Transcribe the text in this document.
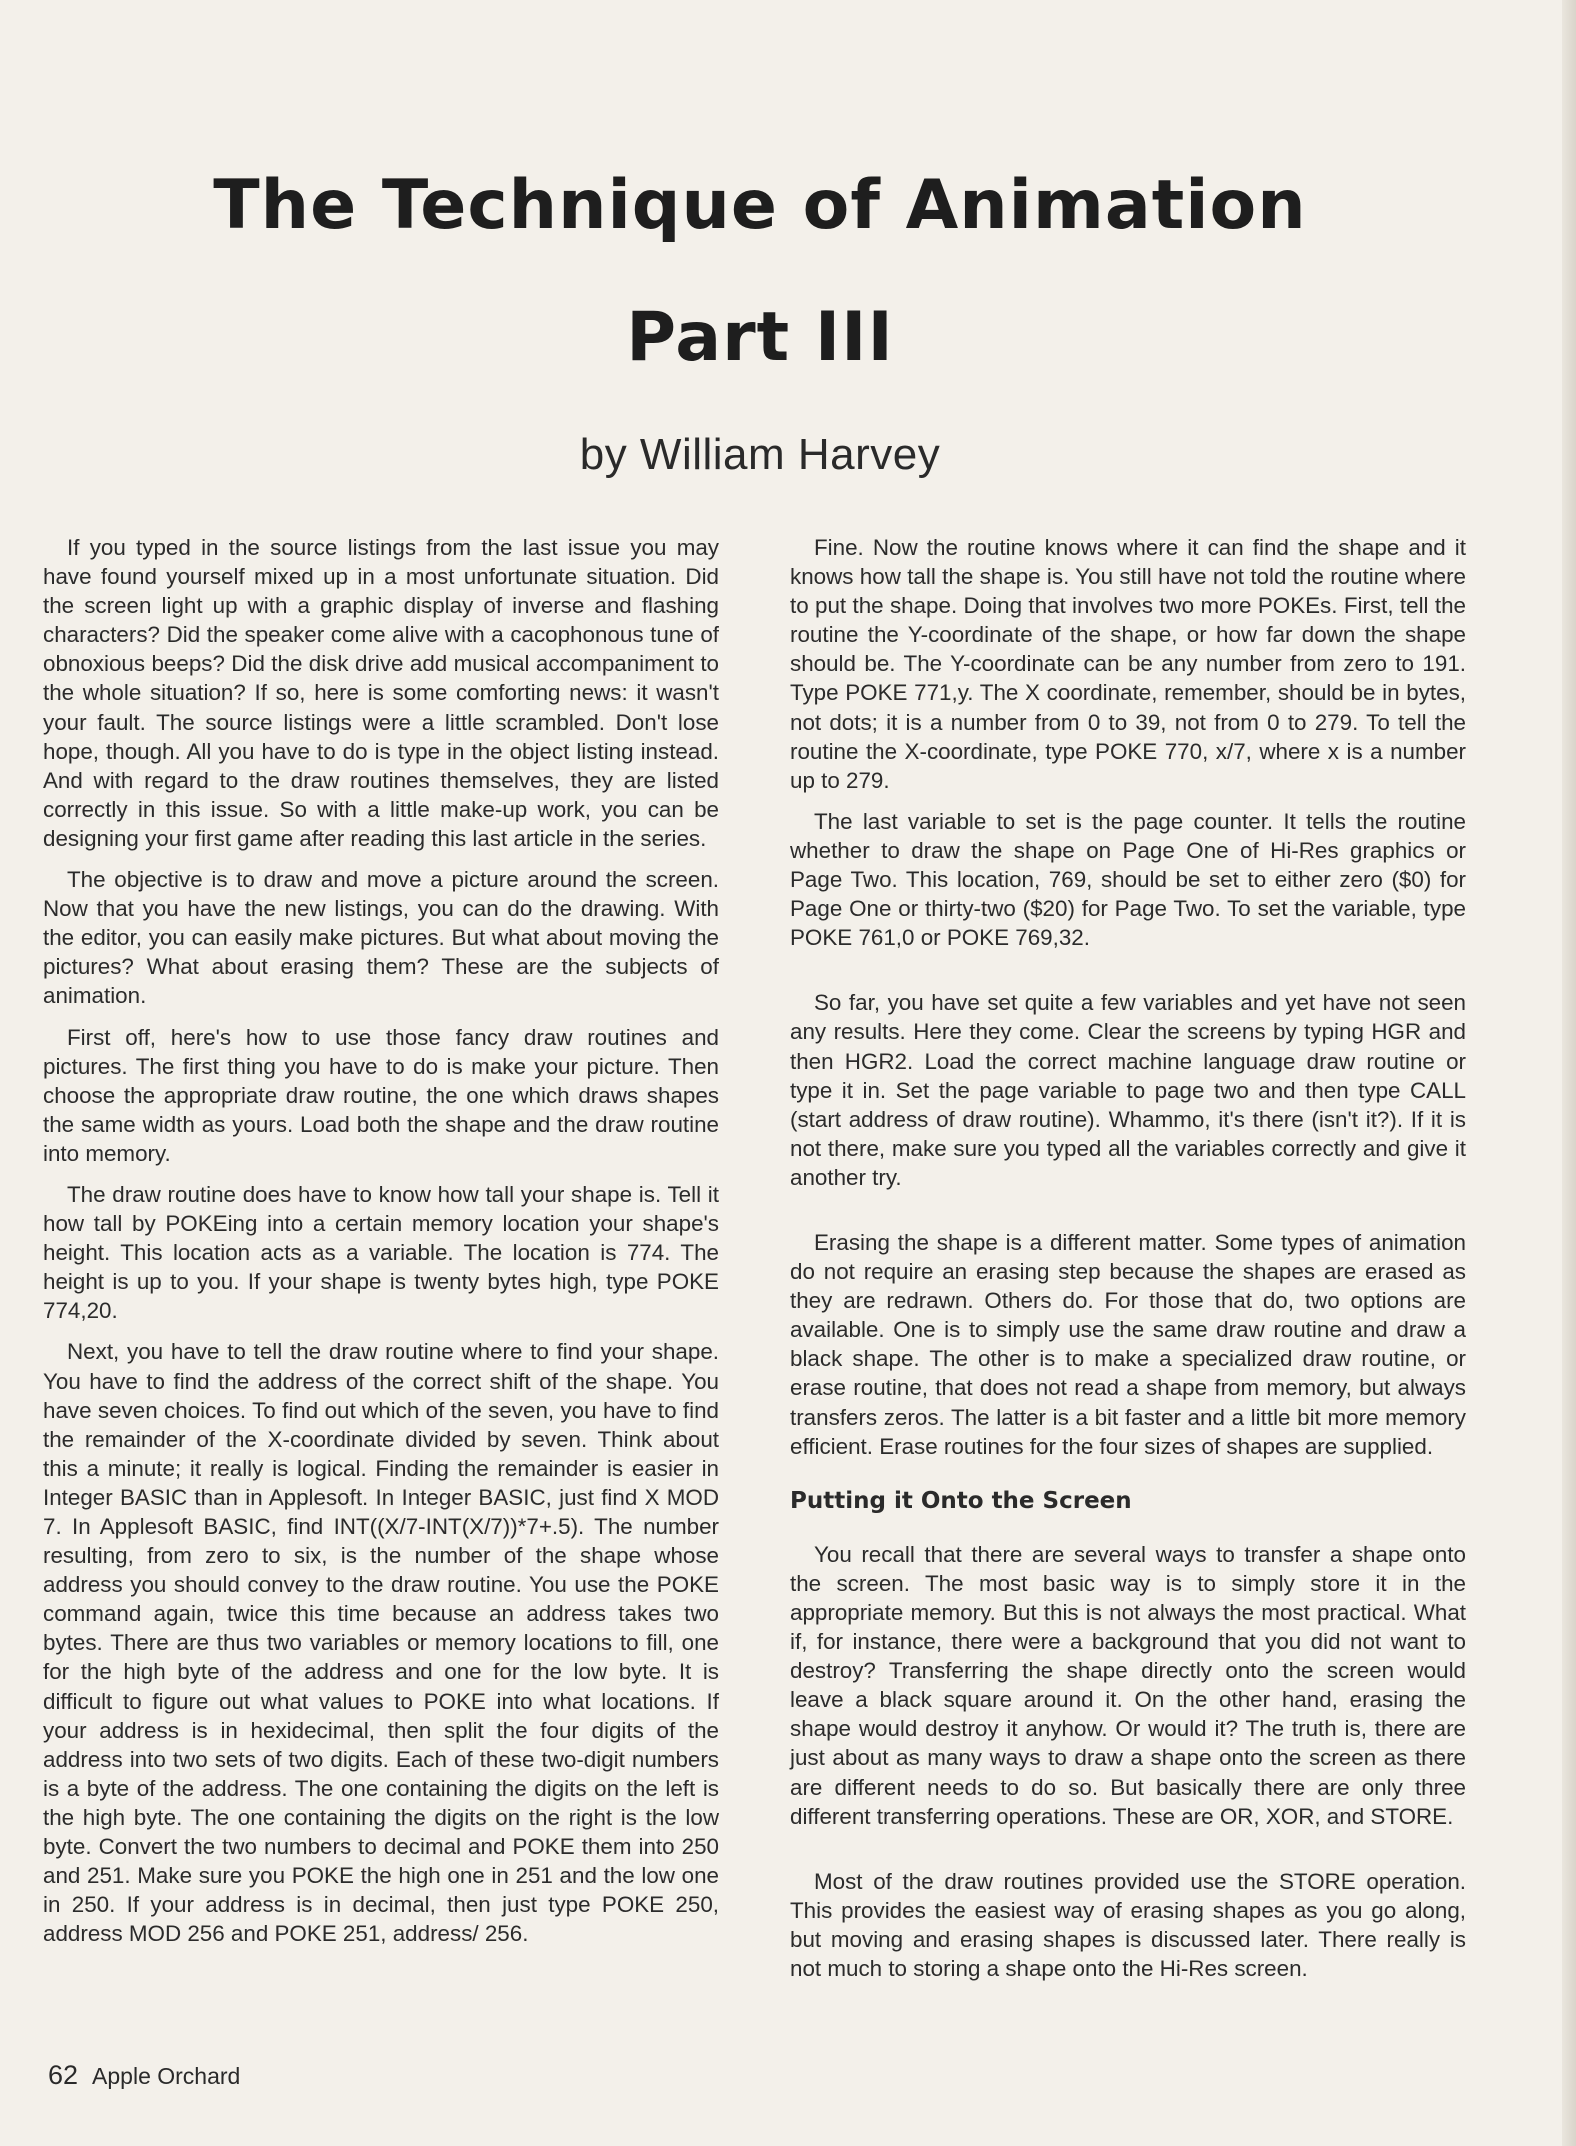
The Technique of Animation
Part III
by William Harvey

If you typed in the source listings from the last issue you may have found yourself mixed up in a most unfortunate situation. Did the screen light up with a graphic display of inverse and flashing characters? Did the speaker come alive with a cacophonous tune of obnoxious beeps? Did the disk drive add musical accompaniment to the whole situation? If so, here is some comforting news: it wasn't your fault. The source listings were a little scrambled. Don't lose hope, though. All you have to do is type in the object listing instead. And with regard to the draw routines themselves, they are listed correctly in this issue. So with a little make-up work, you can be designing your first game after reading this last article in the series.

The objective is to draw and move a picture around the screen. Now that you have the new listings, you can do the drawing. With the editor, you can easily make pictures. But what about moving the pictures? What about erasing them? These are the subjects of animation.

First off, here's how to use those fancy draw routines and pictures. The first thing you have to do is make your picture. Then choose the appropriate draw routine, the one which draws shapes the same width as yours. Load both the shape and the draw routine into memory.

The draw routine does have to know how tall your shape is. Tell it how tall by POKEing into a certain memory location your shape's height. This location acts as a variable. The location is 774. The height is up to you. If your shape is twenty bytes high, type POKE 774,20.

Next, you have to tell the draw routine where to find your shape. You have to find the address of the correct shift of the shape. You have seven choices. To find out which of the seven, you have to find the remainder of the X-coordinate divided by seven. Think about this a minute; it really is logical. Finding the remainder is easier in Integer BASIC than in Applesoft. In Integer BASIC, just find X MOD 7. In Applesoft BASIC, find INT((X/7-INT(X/7))*7+.5). The number resulting, from zero to six, is the number of the shape whose address you should convey to the draw routine. You use the POKE command again, twice this time because an address takes two bytes. There are thus two variables or memory locations to fill, one for the high byte of the address and one for the low byte. It is difficult to figure out what values to POKE into what locations. If your address is in hexidecimal, then split the four digits of the address into two sets of two digits. Each of these two-digit numbers is a byte of the address. The one containing the digits on the left is the high byte. The one containing the digits on the right is the low byte. Convert the two numbers to decimal and POKE them into 250 and 251. Make sure you POKE the high one in 251 and the low one in 250. If your address is in decimal, then just type POKE 250, address MOD 256 and POKE 251, address/ 256.

Fine. Now the routine knows where it can find the shape and it knows how tall the shape is. You still have not told the routine where to put the shape. Doing that involves two more POKEs. First, tell the routine the Y-coordinate of the shape, or how far down the shape should be. The Y-coordinate can be any number from zero to 191. Type POKE 771,y. The X coordinate, remember, should be in bytes, not dots; it is a number from 0 to 39, not from 0 to 279. To tell the routine the X-coordinate, type POKE 770, x/7, where x is a number up to 279.

The last variable to set is the page counter. It tells the routine whether to draw the shape on Page One of Hi-Res graphics or Page Two. This location, 769, should be set to either zero ($0) for Page One or thirty-two ($20) for Page Two. To set the variable, type POKE 761,0 or POKE 769,32.

So far, you have set quite a few variables and yet have not seen any results. Here they come. Clear the screens by typing HGR and then HGR2. Load the correct machine language draw routine or type it in. Set the page variable to page two and then type CALL (start address of draw routine). Whammo, it's there (isn't it?). If it is not there, make sure you typed all the variables correctly and give it another try.

Erasing the shape is a different matter. Some types of animation do not require an erasing step because the shapes are erased as they are redrawn. Others do. For those that do, two options are available. One is to simply use the same draw routine and draw a black shape. The other is to make a specialized draw routine, or erase routine, that does not read a shape from memory, but always transfers zeros. The latter is a bit faster and a little bit more memory efficient. Erase routines for the four sizes of shapes are supplied.

Putting it Onto the Screen

You recall that there are several ways to transfer a shape onto the screen. The most basic way is to simply store it in the appropriate memory. But this is not always the most practical. What if, for instance, there were a background that you did not want to destroy? Transferring the shape directly onto the screen would leave a black square around it. On the other hand, erasing the shape would destroy it anyhow. Or would it? The truth is, there are just about as many ways to draw a shape onto the screen as there are different needs to do so. But basically there are only three different transferring operations. These are OR, XOR, and STORE.

Most of the draw routines provided use the STORE operation. This provides the easiest way of erasing shapes as you go along, but moving and erasing shapes is discussed later. There really is not much to storing a shape onto the Hi-Res screen.

62 Apple Orchard
